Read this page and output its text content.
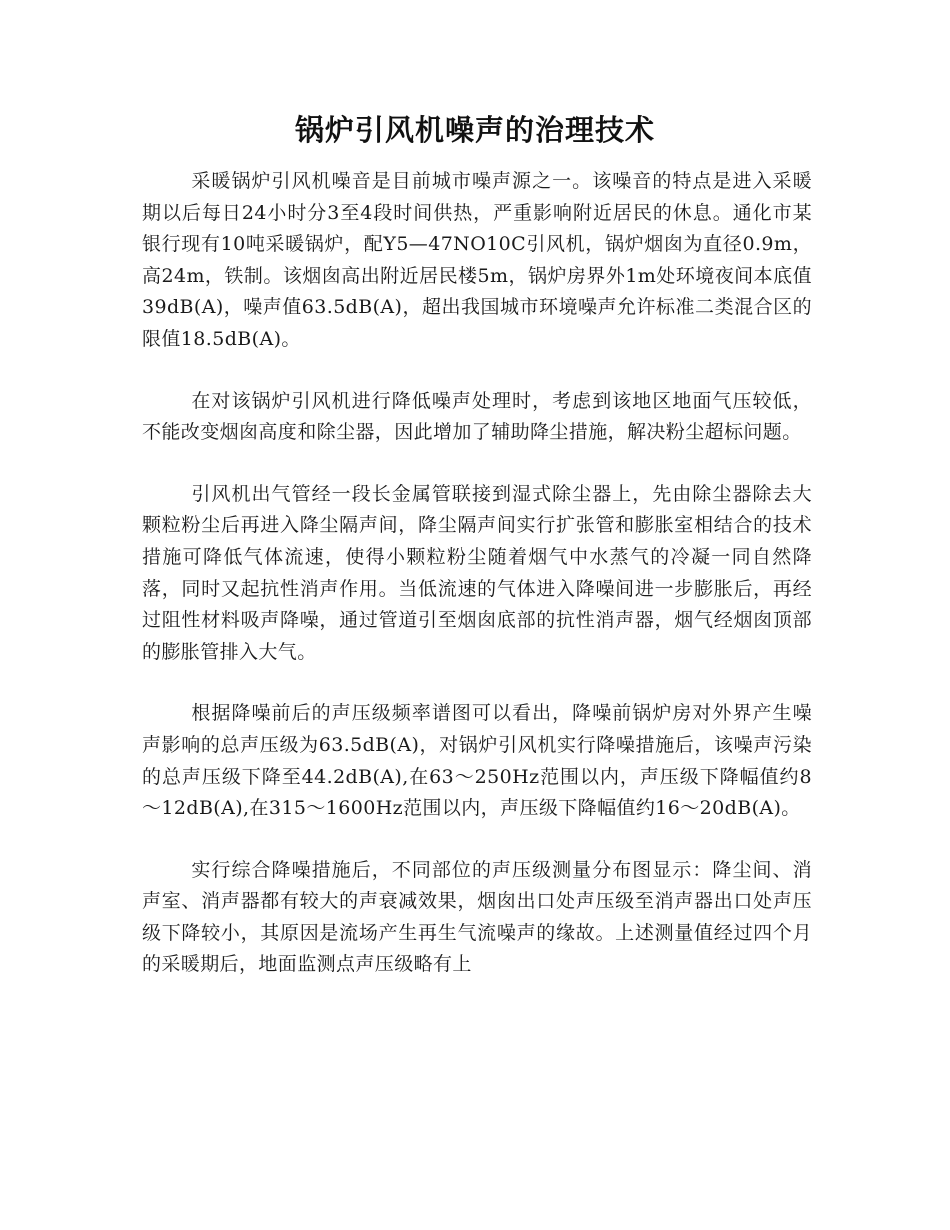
锅炉引风机噪声的治理技术

采暖锅炉引风机噪音是目前城市噪声源之一。该噪音的特点是进入采暖期以后每日24小时分3至4段时间供热，严重影响附近居民的休息。通化市某银行现有10吨采暖锅炉，配Y5—47NO10C引风机，锅炉烟囱为直径0.9m，高24m，铁制。该烟囱高出附近居民楼5m，锅炉房界外1m处环境夜间本底值39dB(A)，噪声值63.5dB(A)，超出我国城市环境噪声允许标准二类混合区的限值18.5dB(A)。

在对该锅炉引风机进行降低噪声处理时，考虑到该地区地面气压较低，不能改变烟囱高度和除尘器，因此增加了辅助降尘措施，解决粉尘超标问题。

引风机出气管经一段长金属管联接到湿式除尘器上，先由除尘器除去大颗粒粉尘后再进入降尘隔声间，降尘隔声间实行扩张管和膨胀室相结合的技术措施可降低气体流速，使得小颗粒粉尘随着烟气中水蒸气的冷凝一同自然降落，同时又起抗性消声作用。当低流速的气体进入降噪间进一步膨胀后，再经过阻性材料吸声降噪，通过管道引至烟囱底部的抗性消声器，烟气经烟囱顶部的膨胀管排入大气。

根据降噪前后的声压级频率谱图可以看出，降噪前锅炉房对外界产生噪声影响的总声压级为63.5dB(A)，对锅炉引风机实行降噪措施后，该噪声污染的总声压级下降至44.2dB(A),在63～250Hz范围以内，声压级下降幅值约8～12dB(A),在315～1600Hz范围以内，声压级下降幅值约16～20dB(A)。

实行综合降噪措施后，不同部位的声压级测量分布图显示：降尘间、消声室、消声器都有较大的声衰减效果，烟囱出口处声压级至消声器出口处声压级下降较小，其原因是流场产生再生气流噪声的缘故。上述测量值经过四个月的采暖期后，地面监测点声压级略有上
